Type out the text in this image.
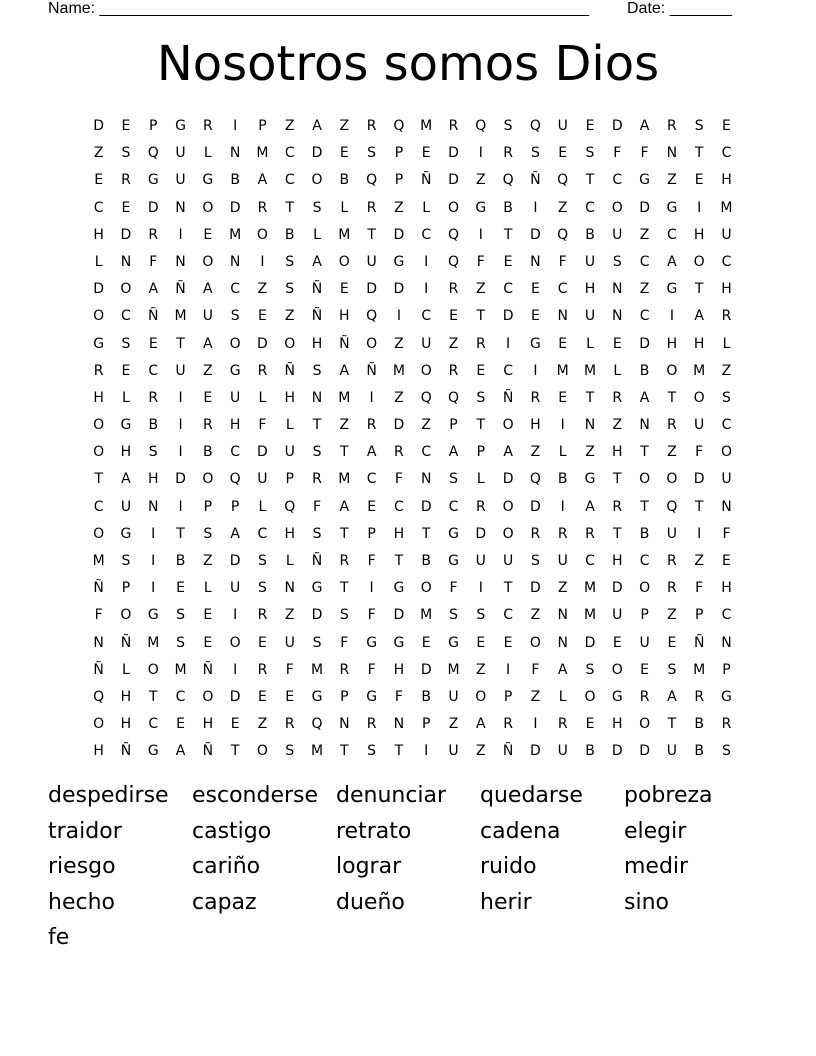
Name: _______________________________________________________ Date: _______
Nosotros somos Dios
D	E	P	G	R	I	P	Z	A	Z	R	Q	M	R	Q	S	Q	U	E	D	A	R	S	E
Z	S	Q	U	L	N	M	C	D	E	S	P	E	D	I	R	S	E	S	F	F	N	T	C
E	R	G	U	G	B	A	C	O	B	Q	P	Ñ	D	Z	Q	Ñ	Q	T	C	G	Z	E	H
C	E	D	N	O	D	R	T	S	L	R	Z	L	O	G	B	I	Z	C	O	D	G	I	M
H	D	R	I	E	M	O	B	L	M	T	D	C	Q	I	T	D	Q	B	U	Z	C	H	U
L	N	F	N	O	N	I	S	A	O	U	G	I	Q	F	E	N	F	U	S	C	A	O	C
D	O	A	Ñ	A	C	Z	S	Ñ	E	D	D	I	R	Z	C	E	C	H	N	Z	G	T	H
O	C	Ñ	M	U	S	E	Z	Ñ	H	Q	I	C	E	T	D	E	N	U	N	C	I	A	R
G	S	E	T	A	O	D	O	H	Ñ	O	Z	U	Z	R	I	G	E	L	E	D	H	H	L
R	E	C	U	Z	G	R	Ñ	S	A	Ñ	M	O	R	E	C	I	M	M	L	B	O	M	Z
H	L	R	I	E	U	L	H	N	M	I	Z	Q	Q	S	Ñ	R	E	T	R	A	T	O	S
O	G	B	I	R	H	F	L	T	Z	R	D	Z	P	T	O	H	I	N	Z	N	R	U	C
O	H	S	I	B	C	D	U	S	T	A	R	C	A	P	A	Z	L	Z	H	T	Z	F	O
T	A	H	D	O	Q	U	P	R	M	C	F	N	S	L	D	Q	B	G	T	O	O	D	U
C	U	N	I	P	P	L	Q	F	A	E	C	D	C	R	O	D	I	A	R	T	Q	T	N
O	G	I	T	S	A	C	H	S	T	P	H	T	G	D	O	R	R	R	T	B	U	I	F
M	S	I	B	Z	D	S	L	Ñ	R	F	T	B	G	U	U	S	U	C	H	C	R	Z	E
Ñ	P	I	E	L	U	S	N	G	T	I	G	O	F	I	T	D	Z	M	D	O	R	F	H
F	O	G	S	E	I	R	Z	D	S	F	D	M	S	S	C	Z	N	M	U	P	Z	P	C
N	Ñ	M	S	E	O	E	U	S	F	G	G	E	G	E	E	O	N	D	E	U	E	Ñ	N
Ñ	L	O	M	Ñ	I	R	F	M	R	F	H	D	M	Z	I	F	A	S	O	E	S	M	P
Q	H	T	C	O	D	E	E	G	P	G	F	B	U	O	P	Z	L	O	G	R	A	R	G
O	H	C	E	H	E	Z	R	Q	N	R	N	P	Z	A	R	I	R	E	H	O	T	B	R
H	Ñ	G	A	Ñ	T	O	S	M	T	S	T	I	U	Z	Ñ	D	U	B	D	D	U	B	S
despedirse	esconderse denunciar	quedarse	pobreza
traidor	castigo	retrato	cadena	elegir
riesgo	cariño	lograr	ruido	medir
hecho	capaz	dueño	herir	sino
fe
